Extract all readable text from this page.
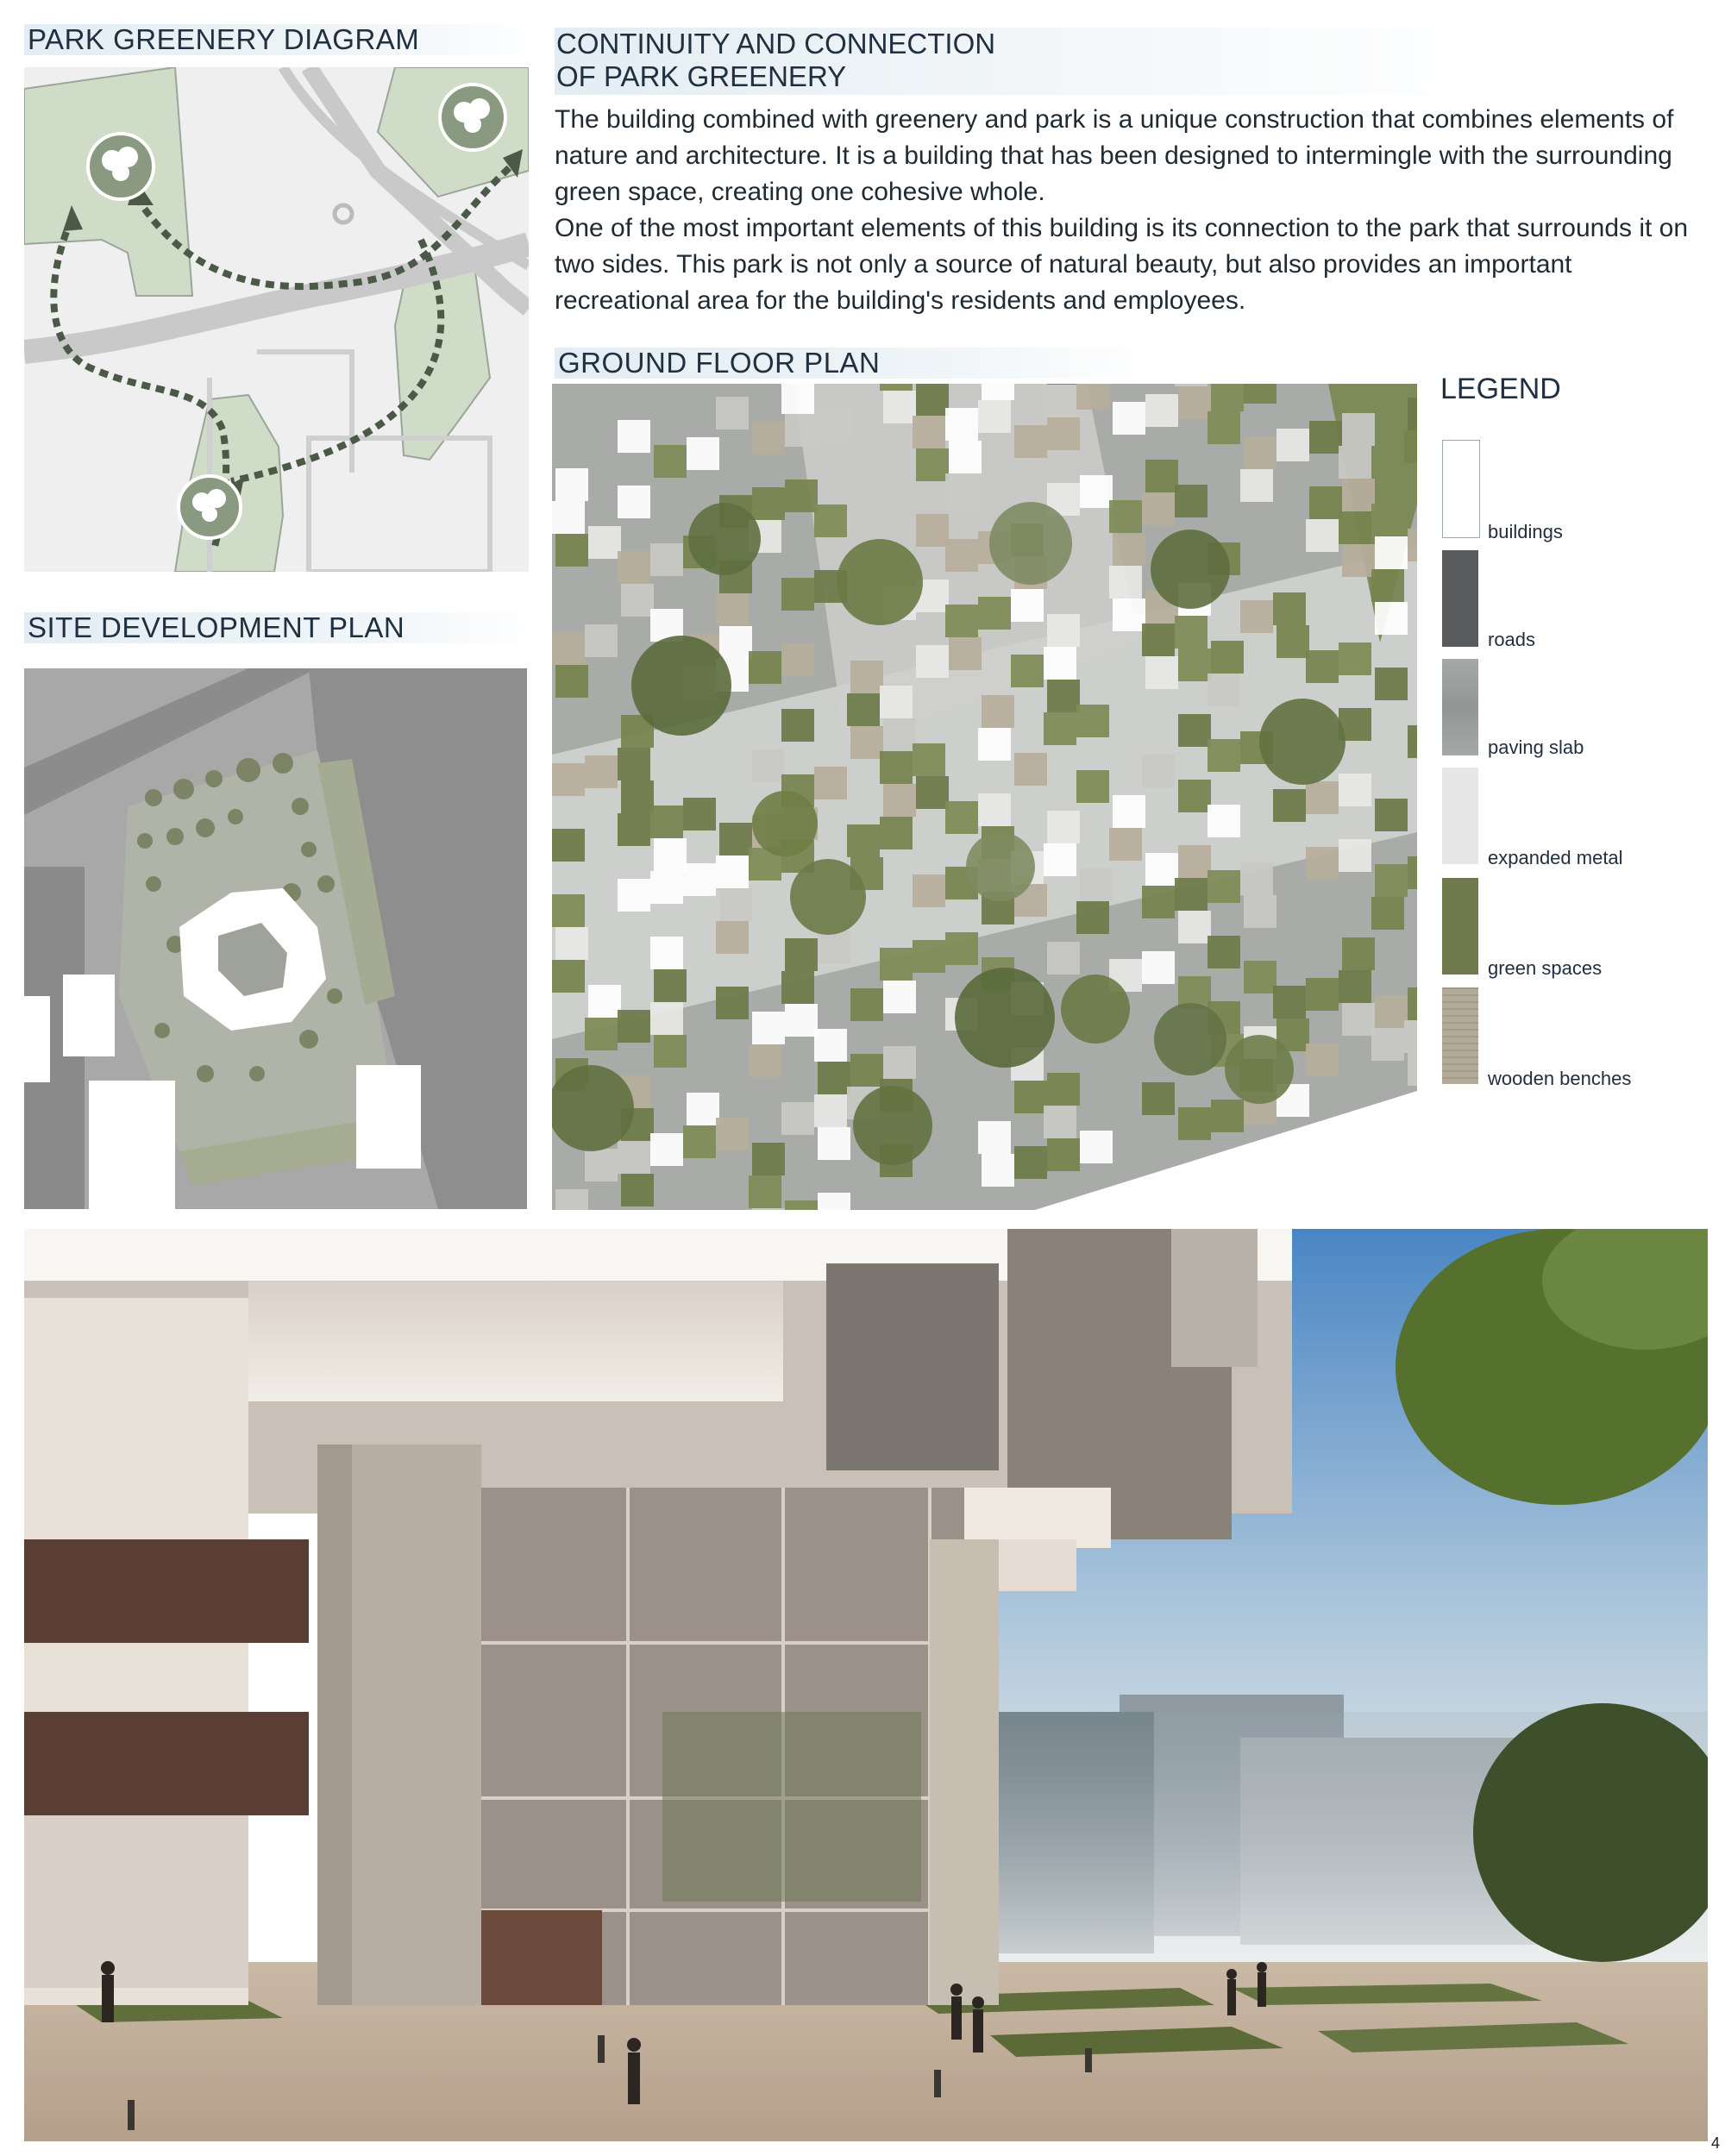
PARK GREENERY DIAGRAM	CONTINUITY AND CONNECTION
OF PARK GREENERY

The building combined with greenery and park is a unique construction that combines elements of nature and architecture. It is a building that has been designed to intermingle with the surrounding green space, creating one cohesive whole.

One of the most important elements of this building is its connection to the park that surrounds it on two sides. This park is not only a source of natural beauty, but also provides an important recreational area for the building's residents and employees.

SITE DEVELOPMENT PLAN
GROUND FLOOR PLAN
LEGEND
buildings
roads
paving slab
expanded metal
green spaces
wooden benches
4
